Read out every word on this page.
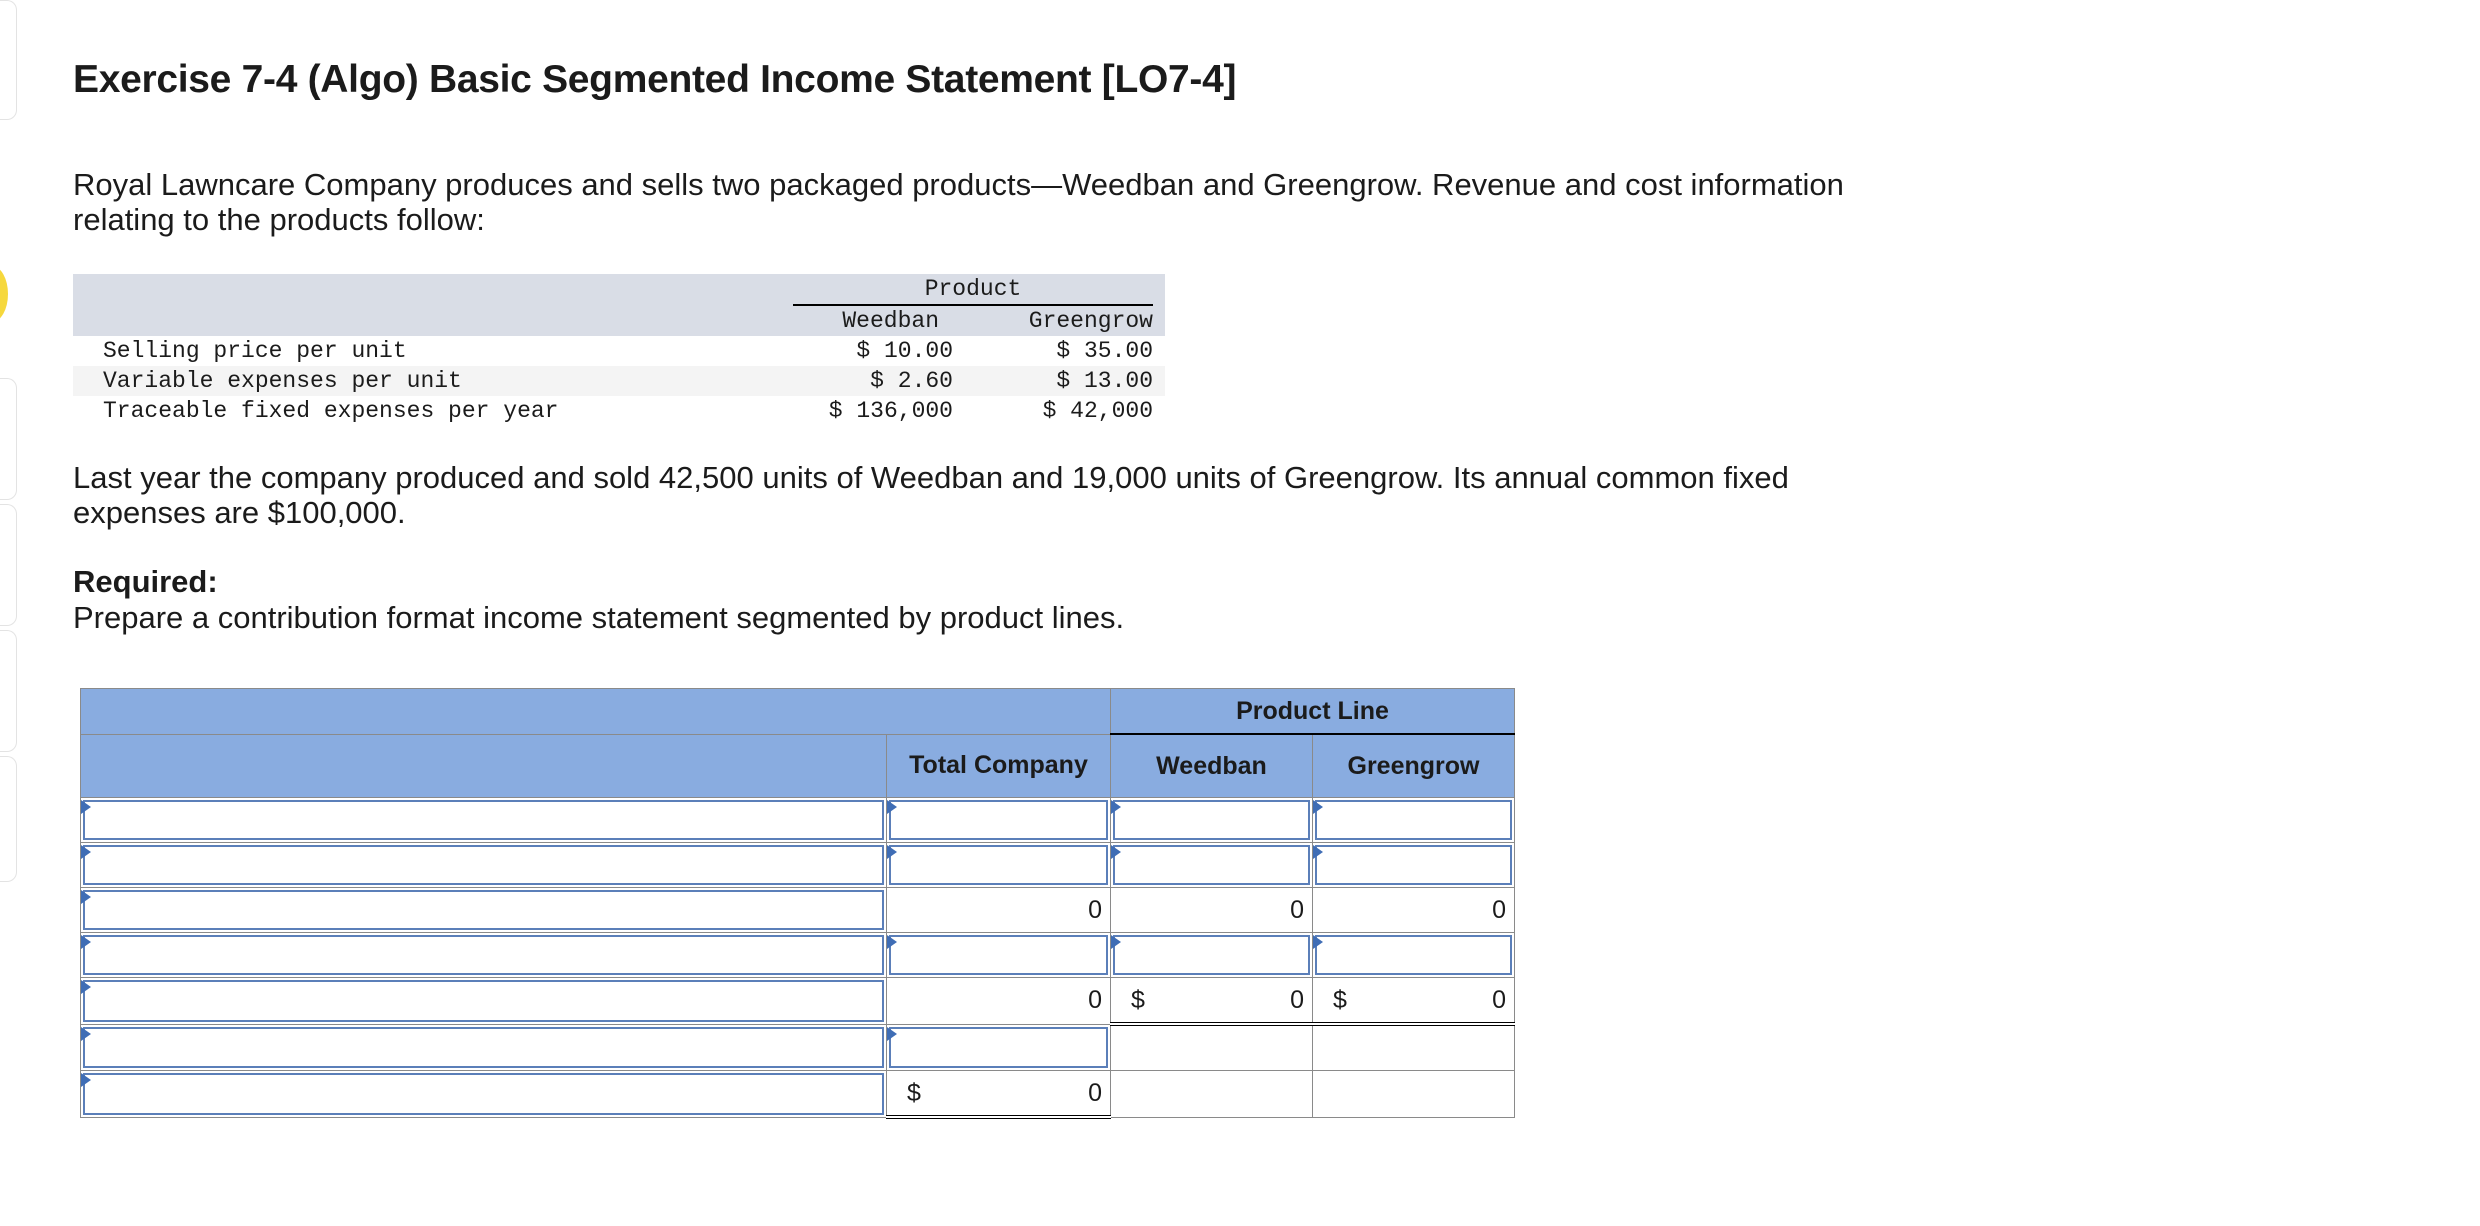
Exercise 7-4 (Algo) Basic Segmented Income Statement [LO7-4]

Royal Lawncare Company produces and sells two packaged products—Weedban and Greengrow. Revenue and cost information relating to the products follow:

	Product		
	Weedban	Greengrow	
Selling price per unit	$ 10.00	$ 35.00	
Variable expenses per unit	$ 2.60	$ 13.00	
Traceable fixed expenses per year	$ 136,000	$ 42,000	

Last year the company produced and sold 42,500 units of Weedban and 19,000 units of Greengrow. Its annual common fixed expenses are $100,000.

Required:

Prepare a contribution format income statement segmented by product lines.

		Product Line	
	Total Company	Weedban	Greengrow

	0	0	0

	0	$ 0	$ 0

	$ 0		
